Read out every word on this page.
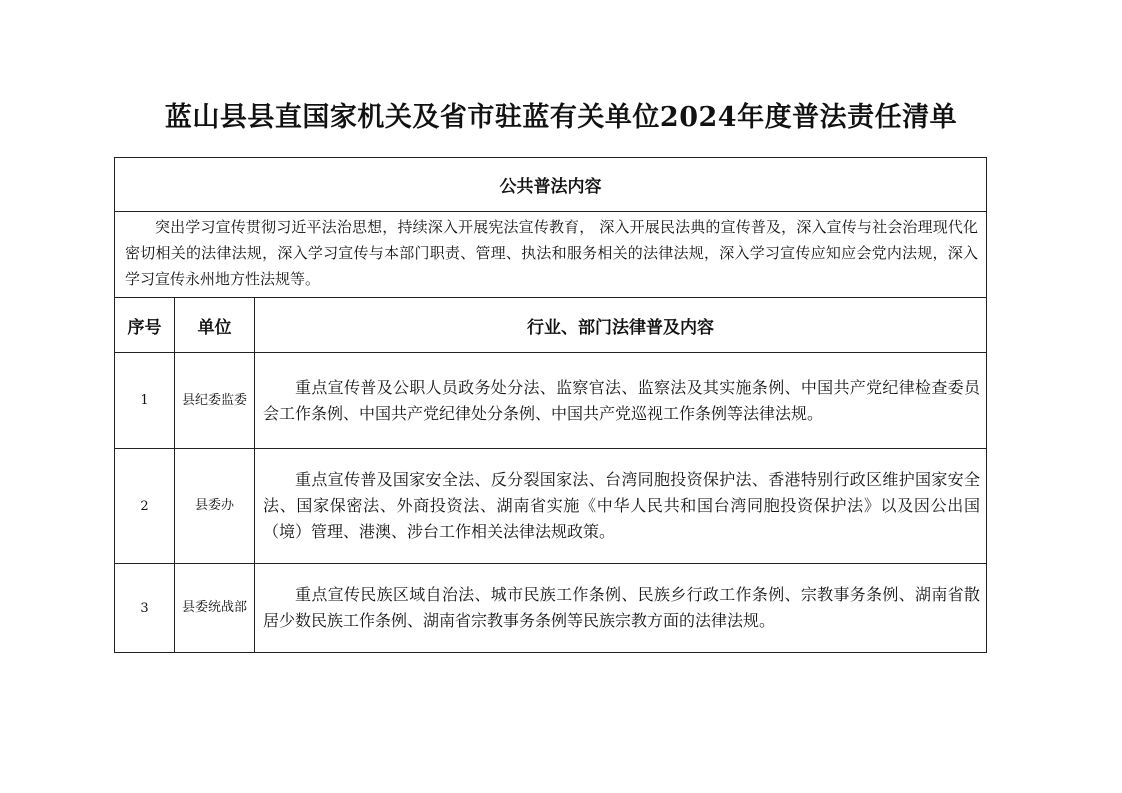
蓝山县县直国家机关及省市驻蓝有关单位2024年度普法责任清单
公共普法内容		
突出学习宣传贯彻习近平法治思想，持续深入开展宪法宣传教育， 深入开展民法典的宣传普及，深入宣传与社会治理现代化密切相关的法律法规，深入学习宣传与本部门职责、管理、执法和服务相关的法律法规，深入学习宣传应知应会党内法规，深入学习宣传永州地方性法规等。		
序号	单位	行业、部门法律普及内容
1	县纪委监委	重点宣传普及公职人员政务处分法、监察官法、监察法及其实施条例、中国共产党纪律检查委员会工作条例、中国共产党纪律处分条例、中国共产党巡视工作条例等法律法规。
2	县委办	重点宣传普及国家安全法、反分裂国家法、台湾同胞投资保护法、香港特别行政区维护国家安全法、国家保密法、外商投资法、湖南省实施《中华人民共和国台湾同胞投资保护法》以及因公出国（境）管理、港澳、涉台工作相关法律法规政策。
3	县委统战部	重点宣传民族区域自治法、城市民族工作条例、民族乡行政工作条例、宗教事务条例、湖南省散居少数民族工作条例、湖南省宗教事务条例等民族宗教方面的法律法规。
